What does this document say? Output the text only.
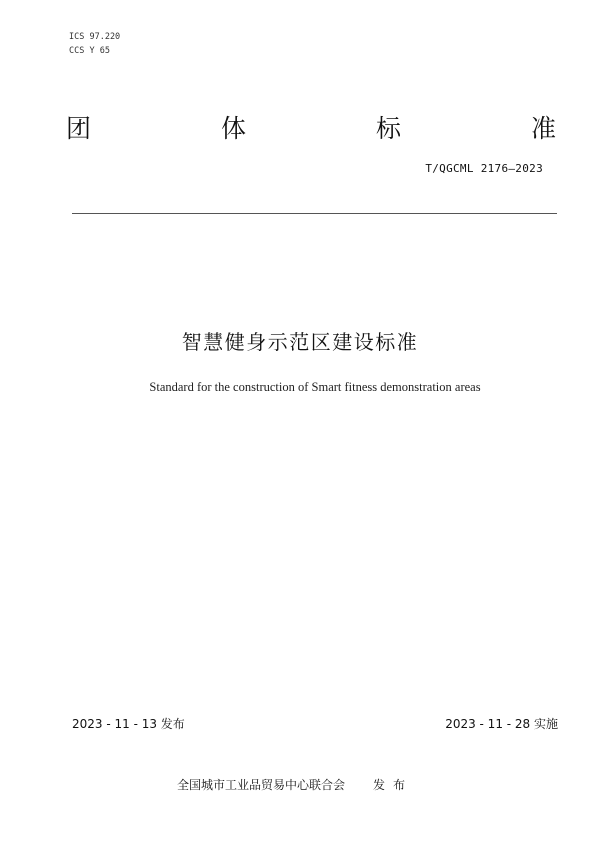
ICS 97.220
CCS Y 65
团	体	标	准
T/QGCML 2176—2023
智慧健身示范区建设标准
Standard for the construction of Smart fitness demonstration areas
2023 - 11 - 13 发布	2023 - 11 - 28 实施
全国城市工业品贸易中心联合会 发布
